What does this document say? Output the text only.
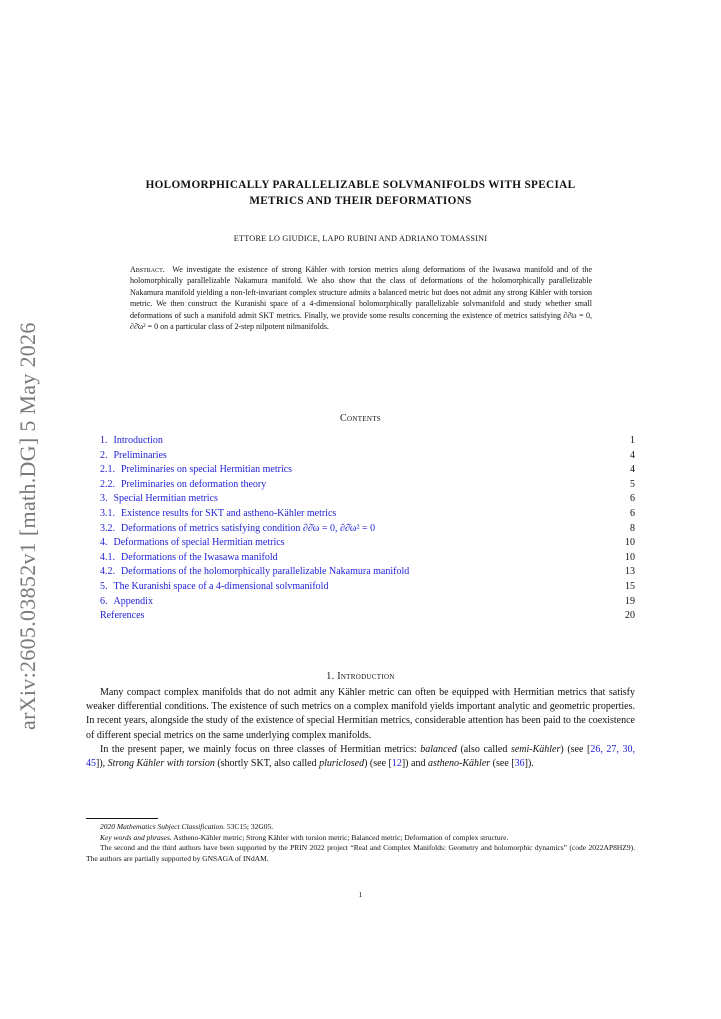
arXiv:2605.03852v1 [math.DG] 5 May 2026
HOLOMORPHICALLY PARALLELIZABLE SOLVMANIFOLDS WITH SPECIAL
METRICS AND THEIR DEFORMATIONS
ETTORE LO GIUDICE, LAPO RUBINI AND ADRIANO TOMASSINI

Abstract. We investigate the existence of strong Kähler with torsion metrics along deformations of the Iwasawa manifold and of the holomorphically parallelizable Nakamura manifold. We also show that the class of deformations of the holomorphically parallelizable Nakamura manifold yielding a non-left-invariant complex structure admits a balanced metric but does not admit any strong Kähler with torsion metric. We then construct the Kuranishi space of a 4-dimensional holomorphically parallelizable solvmanifold and study whether small deformations of such a manifold admit SKT metrics. Finally, we provide some results concerning the existence of metrics satisfying ∂∂̄ω = 0, ∂∂̄ω² = 0 on a particular class of 2-step nilpotent nilmanifolds.

Contents
1. Introduction	1
2. Preliminaries	4
2.1. Preliminaries on special Hermitian metrics	4
2.2. Preliminaries on deformation theory	5
3. Special Hermitian metrics	6
3.1. Existence results for SKT and astheno-Kähler metrics	6
3.2. Deformations of metrics satisfying condition ∂∂̄ω = 0, ∂∂̄ω² = 0	8
4. Deformations of special Hermitian metrics	10
4.1. Deformations of the Iwasawa manifold	10
4.2. Deformations of the holomorphically parallelizable Nakamura manifold	13
5. The Kuranishi space of a 4-dimensional solvmanifold	15
6. Appendix	19
References	20
1. Introduction

Many compact complex manifolds that do not admit any Kähler metric can often be equipped with Hermitian metrics that satisfy weaker differential conditions. The existence of such metrics on a complex manifold yields important analytic and geometric properties. In recent years, alongside the study of the existence of special Hermitian metrics, considerable attention has been paid to the coexistence of different special metrics on the same underlying complex manifolds.

In the present paper, we mainly focus on three classes of Hermitian metrics: balanced (also called semi-Kähler) (see [26, 27, 30, 45]), Strong Kähler with torsion (shortly SKT, also called pluriclosed) (see [12]) and astheno-Kähler (see [36]).

2020 Mathematics Subject Classification. 53C15; 32G05.

Key words and phrases. Astheno-Kähler metric; Strong Kähler with torsion metric; Balanced metric; Deformation of complex structure.

The second and the third authors have been supported by the PRIN 2022 project “Real and Complex Manifolds: Geometry and holomorphic dynamics” (code 2022AP8HZ9). The authors are partially supported by GNSAGA of INdAM.

1
